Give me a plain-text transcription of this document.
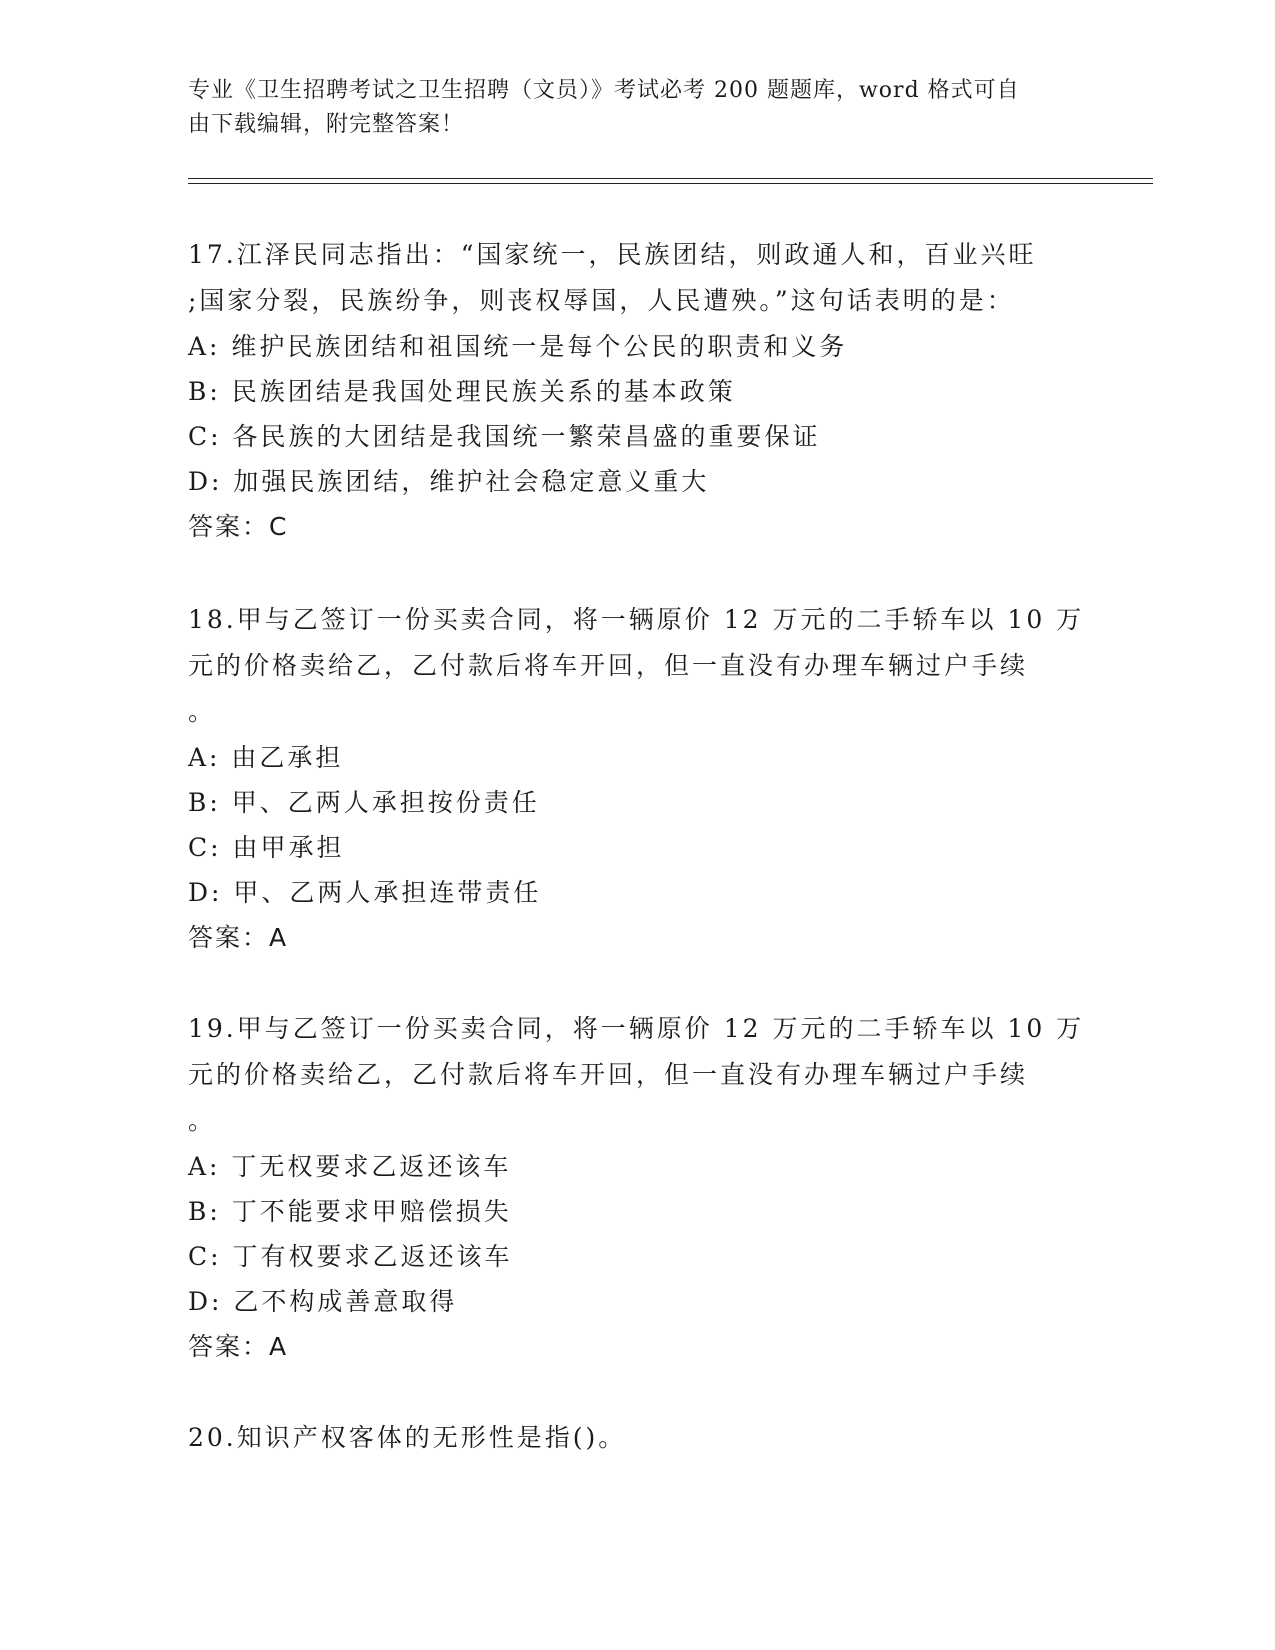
专业《卫生招聘考试之卫生招聘（文员）》考试必考 200 题题库，word 格式可自
由下载编辑，附完整答案！

17.江泽民同志指出：“国家统一，民族团结，则政通人和，百业兴旺

;国家分裂，民族纷争，则丧权辱国，人民遭殃。”这句话表明的是：

A: 维护民族团结和祖国统一是每个公民的职责和义务

B: 民族团结是我国处理民族关系的基本政策

C: 各民族的大团结是我国统一繁荣昌盛的重要保证

D: 加强民族团结，维护社会稳定意义重大

答案：C

18.甲与乙签订一份买卖合同，将一辆原价 12 万元的二手轿车以 10 万

元的价格卖给乙，乙付款后将车开回，但一直没有办理车辆过户手续

。

A: 由乙承担

B: 甲、乙两人承担按份责任

C: 由甲承担

D: 甲、乙两人承担连带责任

答案：A

19.甲与乙签订一份买卖合同，将一辆原价 12 万元的二手轿车以 10 万

元的价格卖给乙，乙付款后将车开回，但一直没有办理车辆过户手续

。

A: 丁无权要求乙返还该车

B: 丁不能要求甲赔偿损失

C: 丁有权要求乙返还该车

D: 乙不构成善意取得

答案：A

20.知识产权客体的无形性是指()。
